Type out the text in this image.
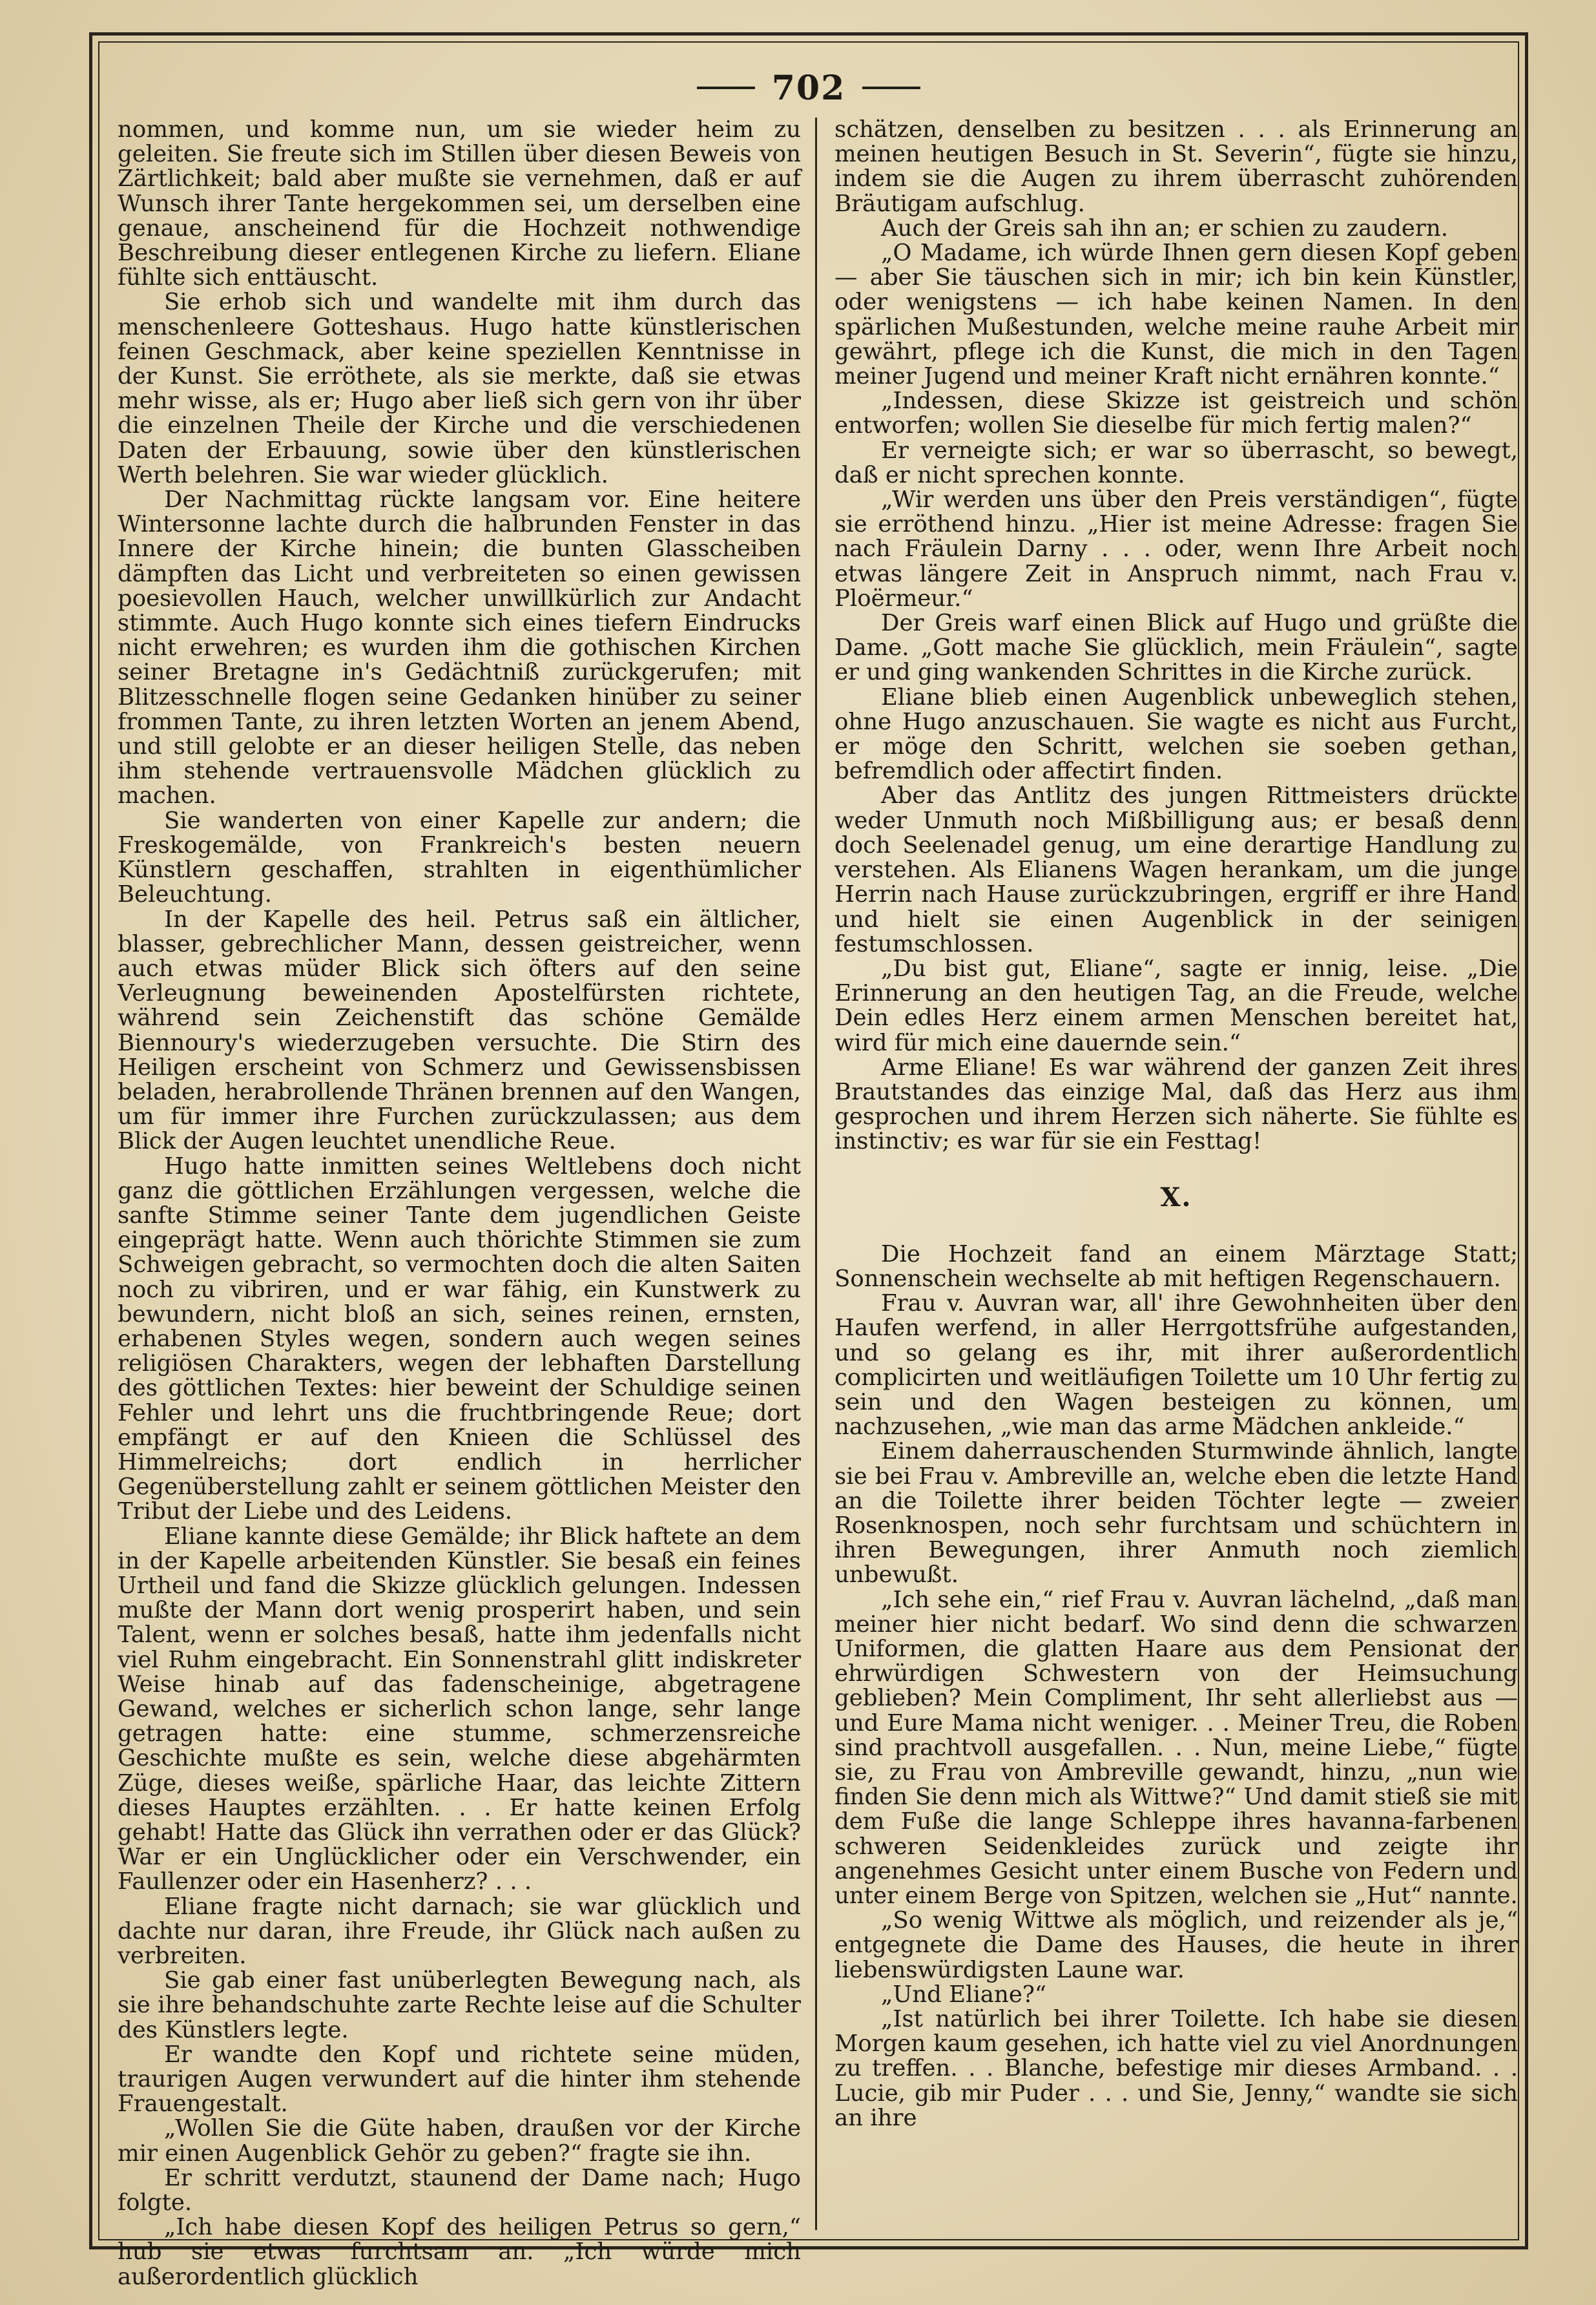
702

nommen, und komme nun, um sie wieder heim zu geleiten. Sie freute sich im Stillen über diesen Beweis von Zärtlichkeit; bald aber mußte sie vernehmen, daß er auf Wunsch ihrer Tante hergekommen sei, um derselben eine genaue, anscheinend für die Hochzeit nothwendige Beschreibung dieser entlegenen Kirche zu liefern. Eliane fühlte sich enttäuscht.

Sie erhob sich und wandelte mit ihm durch das menschenleere Gotteshaus. Hugo hatte künstlerischen feinen Geschmack, aber keine speziellen Kenntnisse in der Kunst. Sie erröthete, als sie merkte, daß sie etwas mehr wisse, als er; Hugo aber ließ sich gern von ihr über die einzelnen Theile der Kirche und die verschiedenen Daten der Erbauung, sowie über den künstlerischen Werth belehren. Sie war wieder glücklich.

Der Nachmittag rückte langsam vor. Eine heitere Wintersonne lachte durch die halbrunden Fenster in das Innere der Kirche hinein; die bunten Glasscheiben dämpften das Licht und verbreiteten so einen gewissen poesievollen Hauch, welcher unwillkürlich zur Andacht stimmte. Auch Hugo konnte sich eines tiefern Eindrucks nicht erwehren; es wurden ihm die gothischen Kirchen seiner Bretagne in's Gedächtniß zurückgerufen; mit Blitzesschnelle flogen seine Gedanken hinüber zu seiner frommen Tante, zu ihren letzten Worten an jenem Abend, und still gelobte er an dieser heiligen Stelle, das neben ihm stehende vertrauensvolle Mädchen glücklich zu machen.

Sie wanderten von einer Kapelle zur andern; die Freskogemälde, von Frankreich's besten neuern Künstlern geschaffen, strahlten in eigenthümlicher Beleuchtung.

In der Kapelle des heil. Petrus saß ein ältlicher, blasser, gebrechlicher Mann, dessen geistreicher, wenn auch etwas müder Blick sich öfters auf den seine Verleugnung beweinenden Apostelfürsten richtete, während sein Zeichenstift das schöne Gemälde Biennoury's wiederzugeben versuchte. Die Stirn des Heiligen erscheint von Schmerz und Gewissensbissen beladen, herabrollende Thränen brennen auf den Wangen, um für immer ihre Furchen zurückzulassen; aus dem Blick der Augen leuchtet unendliche Reue.

Hugo hatte inmitten seines Weltlebens doch nicht ganz die göttlichen Erzählungen vergessen, welche die sanfte Stimme seiner Tante dem jugendlichen Geiste eingeprägt hatte. Wenn auch thörichte Stimmen sie zum Schweigen gebracht, so vermochten doch die alten Saiten noch zu vibriren, und er war fähig, ein Kunstwerk zu bewundern, nicht bloß an sich, seines reinen, ernsten, erhabenen Styles wegen, sondern auch wegen seines religiösen Charakters, wegen der lebhaften Darstellung des göttlichen Textes: hier beweint der Schuldige seinen Fehler und lehrt uns die fruchtbringende Reue; dort empfängt er auf den Knieen die Schlüssel des Himmelreichs; dort endlich in herrlicher Gegenüberstellung zahlt er seinem göttlichen Meister den Tribut der Liebe und des Leidens.

Eliane kannte diese Gemälde; ihr Blick haftete an dem in der Kapelle arbeitenden Künstler. Sie besaß ein feines Urtheil und fand die Skizze glücklich gelungen. Indessen mußte der Mann dort wenig prosperirt haben, und sein Talent, wenn er solches besaß, hatte ihm jedenfalls nicht viel Ruhm eingebracht. Ein Sonnenstrahl glitt indiskreter Weise hinab auf das fadenscheinige, abgetragene Gewand, welches er sicherlich schon lange, sehr lange getragen hatte: eine stumme, schmerzensreiche Geschichte mußte es sein, welche diese abgehärmten Züge, dieses weiße, spärliche Haar, das leichte Zittern dieses Hauptes erzählten. . . Er hatte keinen Erfolg gehabt! Hatte das Glück ihn verrathen oder er das Glück? War er ein Unglücklicher oder ein Verschwender, ein Faullenzer oder ein Hasenherz? . . .

Eliane fragte nicht darnach; sie war glücklich und dachte nur daran, ihre Freude, ihr Glück nach außen zu verbreiten.

Sie gab einer fast unüberlegten Bewegung nach, als sie ihre behandschuhte zarte Rechte leise auf die Schulter des Künstlers legte.

Er wandte den Kopf und richtete seine müden, traurigen Augen verwundert auf die hinter ihm stehende Frauengestalt.

„Wollen Sie die Güte haben, draußen vor der Kirche mir einen Augenblick Gehör zu geben?“ fragte sie ihn.

Er schritt verdutzt, staunend der Dame nach; Hugo folgte.

„Ich habe diesen Kopf des heiligen Petrus so gern,“ hub sie etwas furchtsam an. „Ich würde mich außerordentlich glücklich

schätzen, denselben zu besitzen . . . als Erinnerung an meinen heutigen Besuch in St. Severin“, fügte sie hinzu, indem sie die Augen zu ihrem überrascht zuhörenden Bräutigam aufschlug.

Auch der Greis sah ihn an; er schien zu zaudern.

„O Madame, ich würde Ihnen gern diesen Kopf geben — aber Sie täuschen sich in mir; ich bin kein Künstler, oder wenigstens — ich habe keinen Namen. In den spärlichen Mußestunden, welche meine rauhe Arbeit mir gewährt, pflege ich die Kunst, die mich in den Tagen meiner Jugend und meiner Kraft nicht ernähren konnte.“

„Indessen, diese Skizze ist geistreich und schön entworfen; wollen Sie dieselbe für mich fertig malen?“

Er verneigte sich; er war so überrascht, so bewegt, daß er nicht sprechen konnte.

„Wir werden uns über den Preis verständigen“, fügte sie erröthend hinzu. „Hier ist meine Adresse: fragen Sie nach Fräulein Darny . . . oder, wenn Ihre Arbeit noch etwas längere Zeit in Anspruch nimmt, nach Frau v. Ploërmeur.“

Der Greis warf einen Blick auf Hugo und grüßte die Dame. „Gott mache Sie glücklich, mein Fräulein“, sagte er und ging wankenden Schrittes in die Kirche zurück.

Eliane blieb einen Augenblick unbeweglich stehen, ohne Hugo anzuschauen. Sie wagte es nicht aus Furcht, er möge den Schritt, welchen sie soeben gethan, befremdlich oder affectirt finden.

Aber das Antlitz des jungen Rittmeisters drückte weder Unmuth noch Mißbilligung aus; er besaß denn doch Seelenadel genug, um eine derartige Handlung zu verstehen. Als Elianens Wagen herankam, um die junge Herrin nach Hause zurückzubringen, ergriff er ihre Hand und hielt sie einen Augenblick in der seinigen festumschlossen.

„Du bist gut, Eliane“, sagte er innig, leise. „Die Erinnerung an den heutigen Tag, an die Freude, welche Dein edles Herz einem armen Menschen bereitet hat, wird für mich eine dauernde sein.“

Arme Eliane! Es war während der ganzen Zeit ihres Brautstandes das einzige Mal, daß das Herz aus ihm gesprochen und ihrem Herzen sich näherte. Sie fühlte es instinctiv; es war für sie ein Festtag!

X.

Die Hochzeit fand an einem Märztage Statt; Sonnenschein wechselte ab mit heftigen Regenschauern.

Frau v. Auvran war, all' ihre Gewohnheiten über den Haufen werfend, in aller Herrgottsfrühe aufgestanden, und so gelang es ihr, mit ihrer außerordentlich complicirten und weitläufigen Toilette um 10 Uhr fertig zu sein und den Wagen besteigen zu können, um nachzusehen, „wie man das arme Mädchen ankleide.“

Einem daherrauschenden Sturmwinde ähnlich, langte sie bei Frau v. Ambreville an, welche eben die letzte Hand an die Toilette ihrer beiden Töchter legte — zweier Rosenknospen, noch sehr furchtsam und schüchtern in ihren Bewegungen, ihrer Anmuth noch ziemlich unbewußt.

„Ich sehe ein,“ rief Frau v. Auvran lächelnd, „daß man meiner hier nicht bedarf. Wo sind denn die schwarzen Uniformen, die glatten Haare aus dem Pensionat der ehrwürdigen Schwestern von der Heimsuchung geblieben? Mein Compliment, Ihr seht allerliebst aus — und Eure Mama nicht weniger. . . Meiner Treu, die Roben sind prachtvoll ausgefallen. . . Nun, meine Liebe,“ fügte sie, zu Frau von Ambreville gewandt, hinzu, „nun wie finden Sie denn mich als Wittwe?“ Und damit stieß sie mit dem Fuße die lange Schleppe ihres havanna-farbenen schweren Seidenkleides zurück und zeigte ihr angenehmes Gesicht unter einem Busche von Federn und unter einem Berge von Spitzen, welchen sie „Hut“ nannte.

„So wenig Wittwe als möglich, und reizender als je,“ entgegnete die Dame des Hauses, die heute in ihrer liebenswürdigsten Laune war.

„Und Eliane?“

„Ist natürlich bei ihrer Toilette. Ich habe sie diesen Morgen kaum gesehen, ich hatte viel zu viel Anordnungen zu treffen. . . Blanche, befestige mir dieses Armband. . . Lucie, gib mir Puder . . . und Sie, Jenny,“ wandte sie sich an ihre
